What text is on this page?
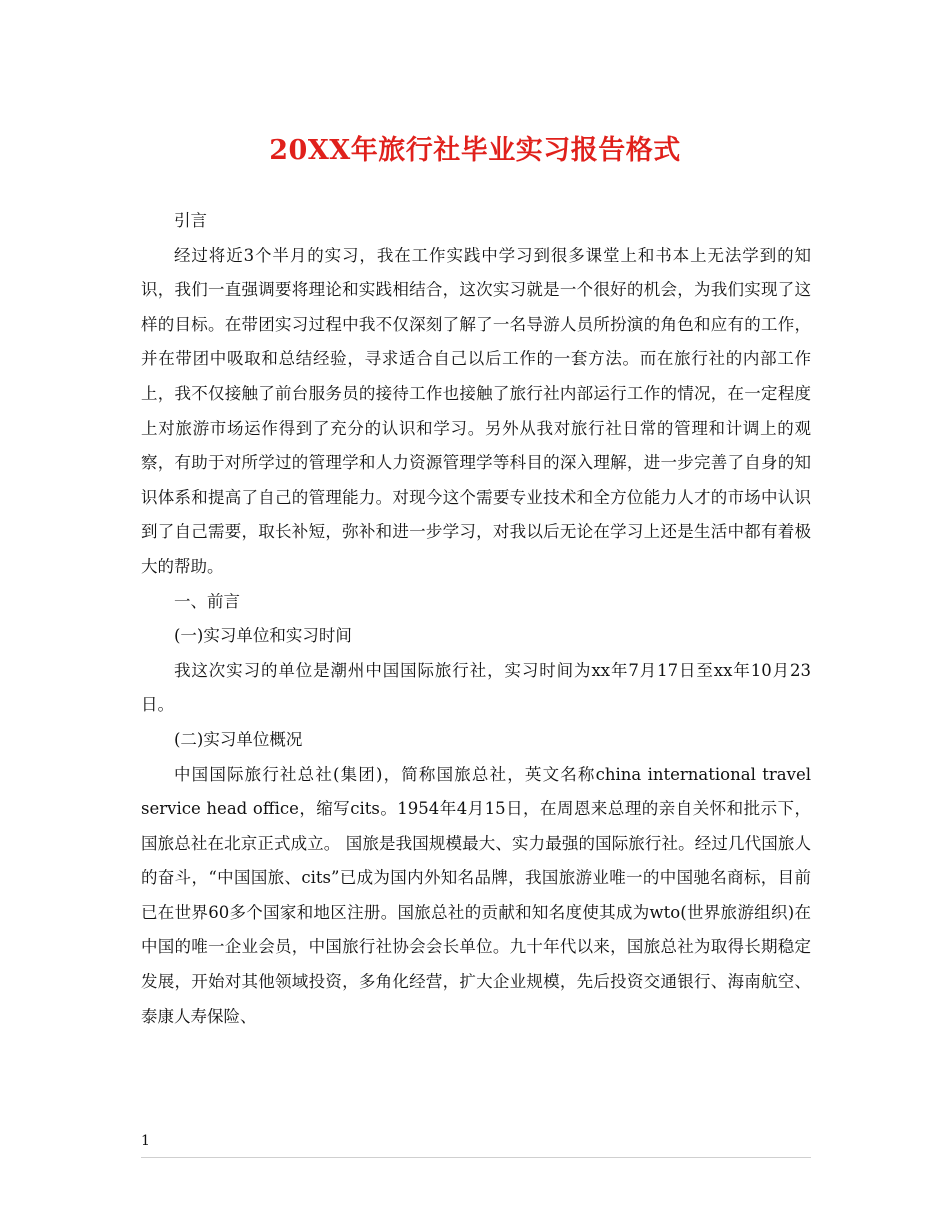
20XX年旅行社毕业实习报告格式

引言

经过将近3个半月的实习，我在工作实践中学习到很多课堂上和书本上无法学到的知识，我们一直强调要将理论和实践相结合，这次实习就是一个很好的机会，为我们实现了这样的目标。在带团实习过程中我不仅深刻了解了一名导游人员所扮演的角色和应有的工作，并在带团中吸取和总结经验，寻求适合自己以后工作的一套方法。而在旅行社的内部工作上，我不仅接触了前台服务员的接待工作也接触了旅行社内部运行工作的情况，在一定程度上对旅游市场运作得到了充分的认识和学习。另外从我对旅行社日常的管理和计调上的观察，有助于对所学过的管理学和人力资源管理学等科目的深入理解，进一步完善了自身的知识体系和提高了自己的管理能力。对现今这个需要专业技术和全方位能力人才的市场中认识到了自己需要，取长补短，弥补和进一步学习，对我以后无论在学习上还是生活中都有着极大的帮助。

一、前言

(一)实习单位和实习时间

我这次实习的单位是潮州中国国际旅行社，实习时间为xx年7月17日至xx年10月23日。

(二)实习单位概况

中国国际旅行社总社(集团)，简称国旅总社，英文名称china international travel service head office，缩写cits。1954年4月15日，在周恩来总理的亲自关怀和批示下，国旅总社在北京正式成立。 国旅是我国规模最大、实力最强的国际旅行社。经过几代国旅人的奋斗，“中国国旅、cits”已成为国内外知名品牌，我国旅游业唯一的中国驰名商标，目前已在世界60多个国家和地区注册。国旅总社的贡献和知名度使其成为wto(世界旅游组织)在中国的唯一企业会员，中国旅行社协会会长单位。九十年代以来，国旅总社为取得长期稳定发展，开始对其他领域投资，多角化经营，扩大企业规模，先后投资交通银行、海南航空、泰康人寿保险、

1
